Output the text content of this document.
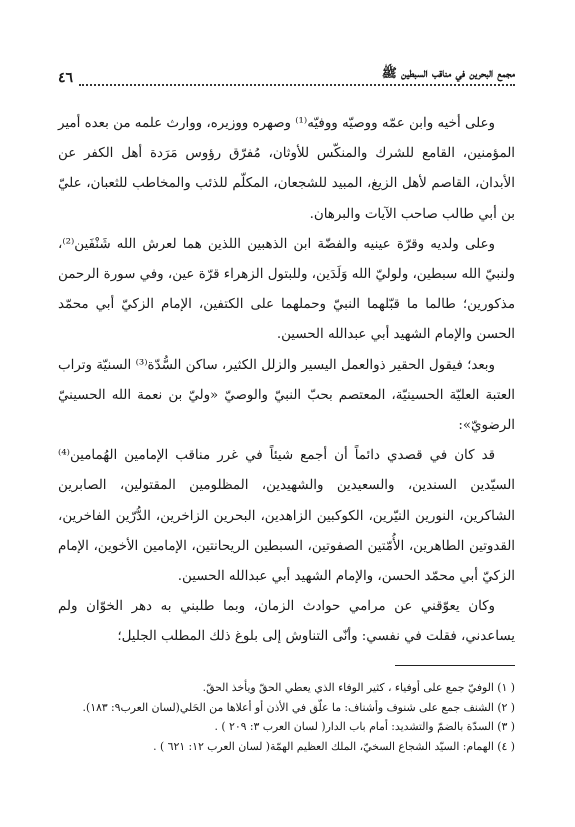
مجمع البحرين في مناقب السبطين ﷺ
٤٦

وعلى أخيه وابن عمّه ووصيّه ووفيّه⁽¹⁾ وصهره ووزيره، ووارث علمه من بعده أمير المؤمنين، القامع للشرك والمنكّس للأوثان، مُفرّق رؤوس مَرَدة أهل الكفر عن الأبدان، القاصم لأهل الزيغ، المبيد للشجعان، المكلّم للذئب والمخاطب للثعبان، عليّ بن أبي طالب صاحب الآيات والبرهان.

وعلى ولديه وقرّة عينيه والفضّة ابن الذهبين اللذين هما لعرش الله شَنْفَين⁽²⁾، ولنبيّ الله سبطين، ولوليّ الله وَلَدَين، وللبتول الزهراء قرّة عين، وفي سورة الرحمن مذكورين؛ طالما ما قبّلهما النبيّ وحملهما على الكتفين، الإمام الزكيّ أبي محمّد الحسن والإمام الشهيد أبي عبدالله الحسين.

وبعد؛ فيقول الحقير ذوالعمل اليسير والزلل الكثير، ساكن السُّدّة⁽³⁾ السنيّة وتراب العتبة العليّة الحسينيّة، المعتصم بحبّ النبيّ والوصيّ «وليّ بن نعمة الله الحسينيّ الرضويّ»:

قد كان في قصدي دائماً أن أجمع شيئاً في غرر مناقب الإمامين الهُمامين⁽⁴⁾ السيّدين السندين، والسعيدين والشهيدين، المظلومين المقتولين، الصابرين الشاكرين، النورين النيّرين، الكوكبين الزاهدين، البحرين الزاخرين، الدُّرّين الفاخرين، القدوتين الطاهرين، الأُمّتين الصفوتين، السبطين الريحانتين، الإمامين الأخوين، الإمام الزكيّ أبي محمّد الحسن، والإمام الشهيد أبي عبدالله الحسين.

وكان يعوّقني عن مرامي حوادث الزمان، وبما طلبني به دهر الخوّان ولم يساعدني، فقلت في نفسي: وأنّى التناوش إلى بلوغ ذلك المطلب الجليل؛

( ١) الوفيّ جمع على أوفياء ، كثير الوفاء الذي يعطي الحقّ ويأخذ الحقّ.
( ٢) الشنف جمع على شنوف وأشناف: ما علّق في الأذن أو أعلاها من الحَلي(لسان العرب٩: ١٨٣).
( ٣) السدّة بالضمّ والتشديد: أمام باب الدار( لسان العرب ٣: ٢٠٩ ) .
( ٤) الهمام: السيّد الشجاع السخيّ، الملك العظيم الهمّة( لسان العرب ١٢: ٦٢١ ) .
